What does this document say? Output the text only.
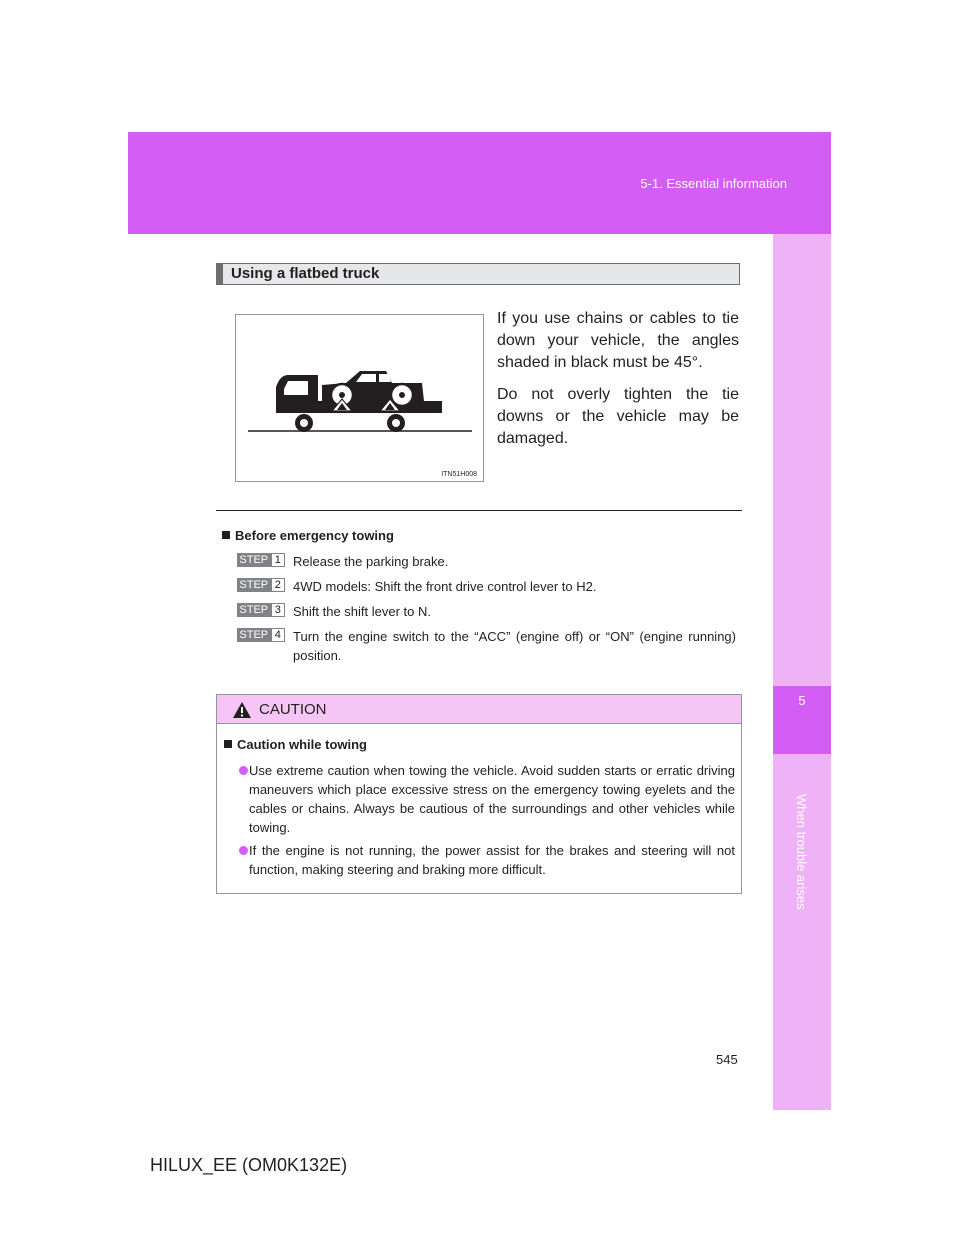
5-1. Essential information
5
When trouble arises
Using a flatbed truck
ITN51H008

If you use chains or cables to tie down your vehicle, the angles shaded in black must be 45°.

Do not overly tighten the tie downs or the vehicle may be damaged.

Before emergency towing
STEP 1 Release the parking brake.
STEP 2 4WD models: Shift the front drive control lever to H2.
STEP 3 Shift the shift lever to N.
STEP 4 Turn the engine switch to the “ACC” (engine off) or “ON” (engine running) position.
CAUTION
Caution while towing
Use extreme caution when towing the vehicle. Avoid sudden starts or erratic driving maneuvers which place excessive stress on the emergency towing eyelets and the cables or chains. Always be cautious of the surroundings and other vehicles while towing.
If the engine is not running, the power assist for the brakes and steering will not function, making steering and braking more difficult.
545
HILUX_EE (OM0K132E)
